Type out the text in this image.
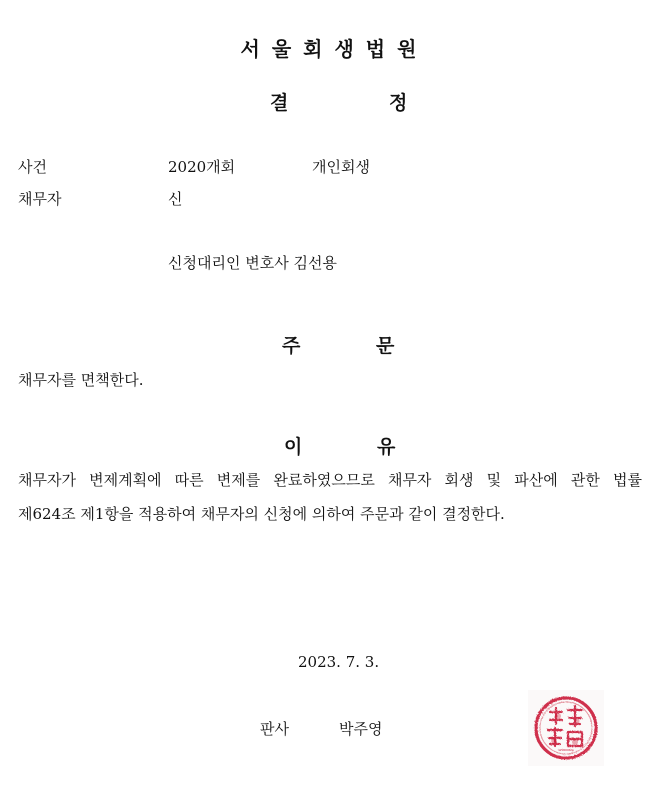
서울회생법원
결	정
사건	2020개회	개인회생
채무자	신
신청대리인 변호사 김선용
주	문
채무자를 면책한다.
이	유
채무자가 변제계획에 따른 변제를 완료하였으므로 채무자 회생 및 파산에 관한 법률
제624조 제1항을 적용하여 채무자의 신청에 의하여 주문과 같이 결정한다.
2023. 7. 3.
판사	박주영
